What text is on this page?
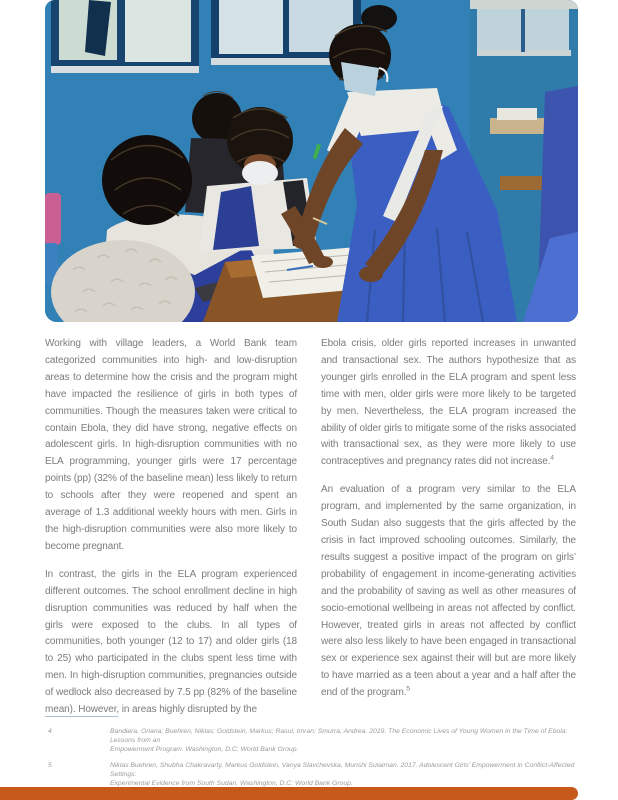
Working with village leaders, a World Bank team categorized communities into high- and low-disruption areas to determine how the crisis and the program might have impacted the resilience of girls in both types of communities. Though the measures taken were critical to contain Ebola, they did have strong, negative effects on adolescent girls. In high-disruption communities with no ELA programming, younger girls were 17 percentage points (pp) (32% of the baseline mean) less likely to return to schools after they were reopened and spent an average of 1.3 additional weekly hours with men. Girls in the high-disruption communities were also more likely to become pregnant.

In contrast, the girls in the ELA program experienced different outcomes. The school enrollment decline in high disruption communities was reduced by half when the girls were exposed to the clubs. In all types of communities, both younger (12 to 17) and older girls (18 to 25) who participated in the clubs spent less time with men. In high-disruption communities, pregnancies outside of wedlock also decreased by 7.5 pp (82% of the baseline mean). However, in areas highly disrupted by the

Ebola crisis, older girls reported increases in unwanted and transactional sex. The authors hypothesize that as younger girls enrolled in the ELA program and spent less time with men, older girls were more likely to be targeted by men. Nevertheless, the ELA program increased the ability of older girls to mitigate some of the risks associated with transactional sex, as they were more likely to use contraceptives and pregnancy rates did not increase.$^4$

An evaluation of a program very similar to the ELA program, and implemented by the same organization, in South Sudan also suggests that the girls affected by the crisis in fact improved schooling outcomes. Similarly, the results suggest a positive impact of the program on girls’ probability of engagement in income-generating activities and the probability of saving as well as other measures of socio-emotional wellbeing in areas not affected by conflict. However, treated girls in areas not affected by conflict were also less likely to have been engaged in transactional sex or experience sex against their will but are more likely to have married as a teen about a year and a half after the end of the program.$^5$

4	Bandiera, Oriana; Buehren, Niklas; Goldstein, Markus; Rasul, Imran; Smurra, Andrea. 2019. The Economic Lives of Young Women in the Time of Ebola: Lessons from an
Empowerment Program. Washington, D.C: World Bank Group.
5	Niklas Buehren, Shubha Chakravarty, Markus Goldstein, Vanya Slavchevska, Munshi Sulaiman. 2017. Adolescent Girls’ Empowerment in Conflict-Affected Settings:
Experimental Evidence from South Sudan. Washington, D.C: World Bank Group.
